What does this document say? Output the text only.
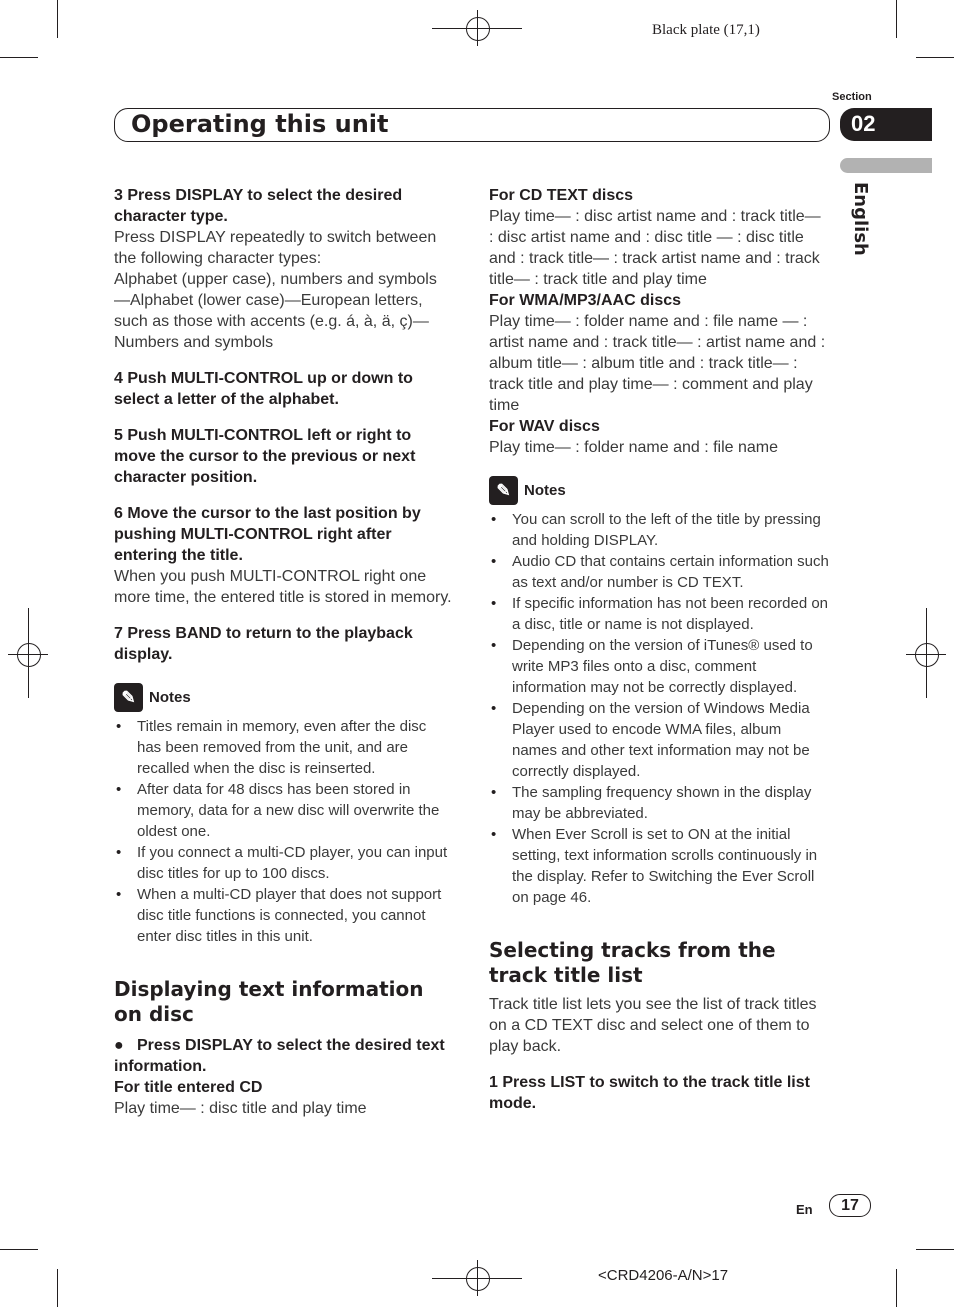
Black plate (17,1)
Section
Operating this unit	02
English

3 Press DISPLAY to select the desired character type.

Press DISPLAY repeatedly to switch between the following character types:

Alphabet (upper case), numbers and symbols —Alphabet (lower case)—European letters, such as those with accents (e.g. á, à, ä, ç)— Numbers and symbols

4 Push MULTI-CONTROL up or down to select a letter of the alphabet.

5 Push MULTI-CONTROL left or right to move the cursor to the previous or next character position.

6 Move the cursor to the last position by pushing MULTI-CONTROL right after entering the title.

When you push MULTI-CONTROL right one more time, the entered title is stored in memory.

7 Press BAND to return to the playback display.

✎ Notes
• Titles remain in memory, even after the disc has been removed from the unit, and are recalled when the disc is reinserted.
• After data for 48 discs has been stored in memory, data for a new disc will overwrite the oldest one.
• If you connect a multi-CD player, you can input disc titles for up to 100 discs.
• When a multi-CD player that does not support disc title functions is connected, you cannot enter disc titles in this unit.

Displaying text information on disc

●   Press DISPLAY to select the desired text information.

For title entered CD

Play time— : disc title and play time

For CD TEXT discs

Play time— : disc artist name and : track title— : disc artist name and : disc title — : disc title and : track title— : track artist name and : track title— : track title and play time

For WMA/MP3/AAC discs

Play time— : folder name and : file name — : artist name and : track title— : artist name and : album title— : album title and : track title— : track title and play time— : comment and play time

For WAV discs

Play time— : folder name and : file name

✎ Notes
• You can scroll to the left of the title by pressing and holding DISPLAY.
• Audio CD that contains certain information such as text and/or number is CD TEXT.
• If specific information has not been recorded on a disc, title or name is not displayed.
• Depending on the version of iTunes® used to write MP3 files onto a disc, comment information may not be correctly displayed.
• Depending on the version of Windows Media Player used to encode WMA files, album names and other text information may not be correctly displayed.
• The sampling frequency shown in the display may be abbreviated.
• When Ever Scroll is set to ON at the initial setting, text information scrolls continuously in the display. Refer to Switching the Ever Scroll on page 46.

Selecting tracks from the track title list

Track title list lets you see the list of track titles on a CD TEXT disc and select one of them to play back.

1 Press LIST to switch to the track title list mode.

En	17
<CRD4206-A/N>17
